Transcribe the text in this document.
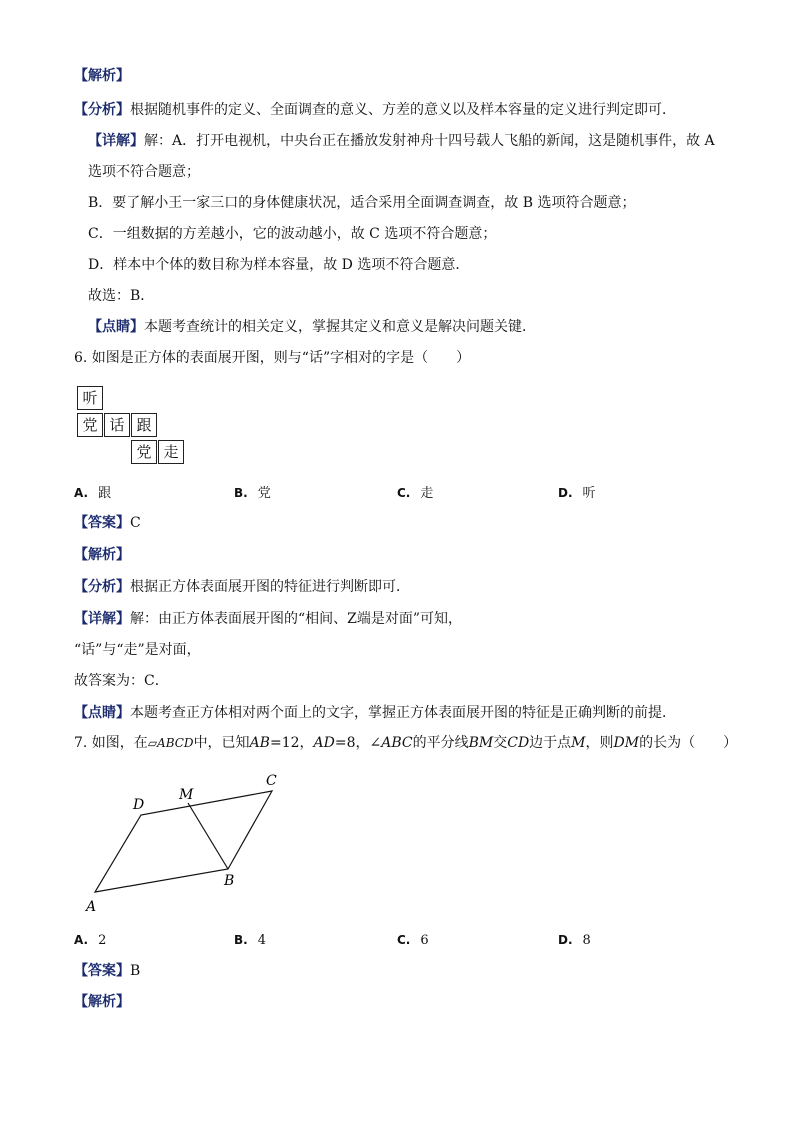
【解析】
【分析】根据随机事件的定义、全面调查的意义、方差的意义以及样本容量的定义进行判定即可．
【详解】解：A．打开电视机，中央台正在播放发射神舟十四号载人飞船的新闻，这是随机事件，故 A
选项不符合题意；
B．要了解小王一家三口的身体健康状况，适合采用全面调查调查，故 B 选项符合题意；
C．一组数据的方差越小，它的波动越小，故 C 选项不符合题意；
D．样本中个体的数目称为样本容量，故 D 选项不符合题意．
故选：B．
【点睛】本题考查统计的相关定义，掌握其定义和意义是解决问题关键．
6. 如图是正方体的表面展开图，则与“话”字相对的字是（　　）
听
党 话 跟
党 走
A. 跟	B. 党	C. 走	D. 听
【答案】C
【解析】
【分析】根据正方体表面展开图的特征进行判断即可．
【详解】解：由正方体表面展开图的“相间、Z端是对面”可知，
“话”与“走”是对面，
故答案为：C．
【点睛】本题考查正方体相对两个面上的文字，掌握正方体表面展开图的特征是正确判断的前提．
7. 如图，在▱ABCD中，已知AB=12，AD=8，∠ABC的平分线BM交CD边于点M，则DM的长为（　　）
A
B
C
D
M
A. 2	B. 4	C. 6	D. 8
【答案】B
【解析】
